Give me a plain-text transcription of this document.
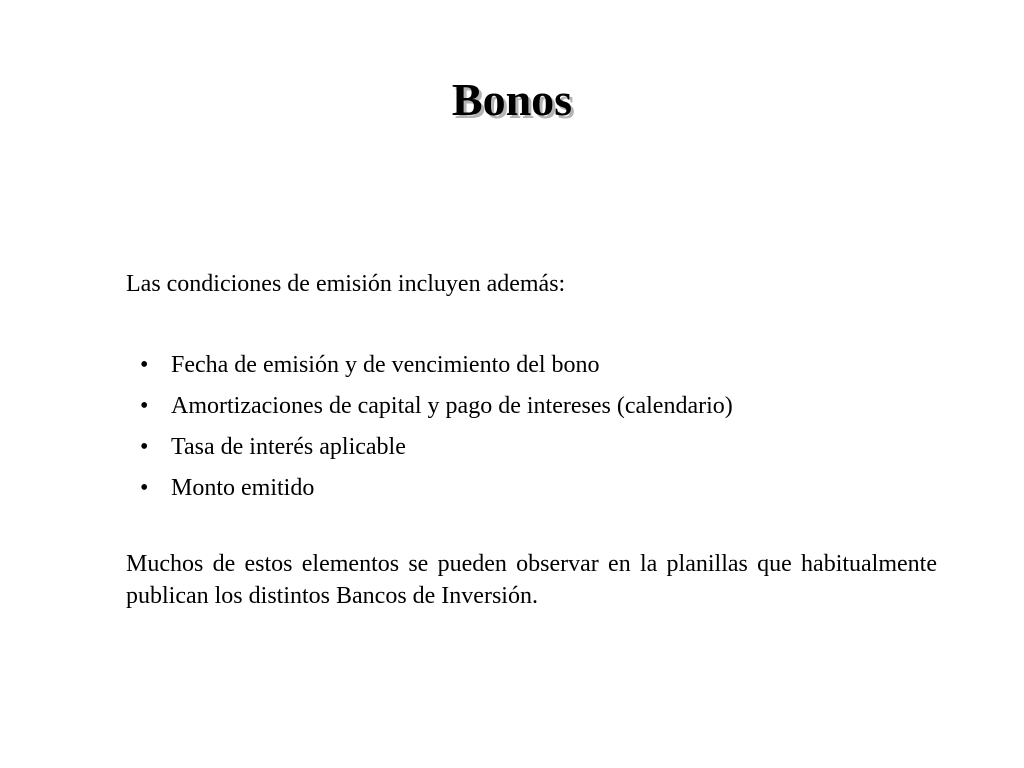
Bonos

Las condiciones de emisión incluyen además:

• Fecha de emisión y de vencimiento del bono
• Amortizaciones de capital y pago de intereses (calendario)
• Tasa de interés aplicable
• Monto emitido

Muchos de estos elementos se pueden observar en la planillas que habitualmente publican los distintos Bancos de Inversión.
